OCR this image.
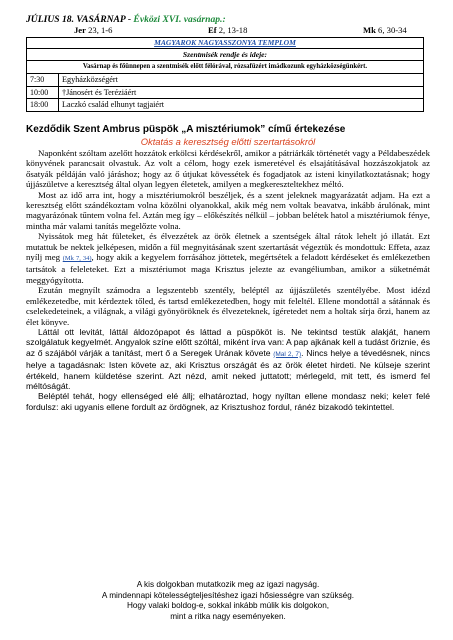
JÚLIUS 18. VASÁRNAP - Évközi XVI. vasárnap.:
Jer 23, 1-6	Ef 2, 13-18	Mk 6, 30-34
MAGYAROK NAGYASSZONYA TEMPLOM
Szentmisék rendje és ideje:
Vasárnap és főünnepen a szentmisék előtt félórával, rózsafüzért imádkozunk egyházközségünkért.
7:30	Egyházközségért
10:00	†Jánosért és Teréziáért
18:00	Laczkó család elhunyt tagjaiért
Kezdődik Szent Ambrus püspök „A misztériumok” című értekezése
Oktatás a keresztség előtti szertartásokról

Naponként szóltam azelőtt hozzátok erkölcsi kérdésekről, amikor a pátriárkák történetét vagy a Példabeszédek könyvének parancsait olvastuk. Az volt a célom, hogy ezek ismeretével és elsajátításával hozzászokjatok az ősatyák példáján való járáshoz; hogy az ő útjukat kövessétek és fogadjatok az isteni kinyilatkoztatásnak; hogy újjászületve a keresztség által olyan legyen életetek, amilyen a megkereszteltekhez méltó.

Most az idő arra int, hogy a misztériumokról beszéljek, és a szent jeleknek magyarázatát adjam. Ha ezt a keresztség előtt szándékoztam volna közölni olyanokkal, akik még nem voltak beavatva, inkább árulónak, mint magyarázónak tűntem volna fel. Aztán meg így – előkészítés nélkül – jobban belétek hatol a misztériumok fénye, mintha már valami tanítás megelőzte volna.

Nyissátok meg hát fületeket, és élvezzétek az örök életnek a szentségek által rátok lehelt jó illatát. Ezt mutattuk be nektek jelképesen, midőn a fül megnyitásának szent szertartását végeztük és mondottuk: Effeta, azaz nyílj meg (Mk 7, 34), hogy akik a kegyelem forrásához jöttetek, megértsétek a feladott kérdéseket és emlékezetben tartsátok a feleleteket. Ezt a misztériumot maga Krisztus jelezte az evangéliumban, amikor a süketnémát meggyógyította.

Ezután megnyílt számodra a legszentebb szentély, beléptél az újjászületés szentélyébe. Most idézd emlékezetedbe, mit kérdeztek tőled, és tartsd emlékezetedben, hogy mit feleltél. Ellene mondottál a sátánnak és cselekedeteinek, a világnak, a világi gyönyöröknek és élvezeteknek, ígéretedet nem a holtak sírja őrzi, hanem az élet könyve.

Láttál ott levitát, láttál áldozópapot és láttad a püspököt is. Ne tekintsd testük alakját, hanem szolgálatuk kegyelmét. Angyalok színe előtt szóltál, miként írva van: A pap ajkának kell a tudást őriznie, és az ő szájából várják a tanítást, mert ő a Seregek Urának követe (Mal 2, 7). Nincs helye a tévedésnek, nincs helye a tagadásnak: Isten követe az, aki Krisztus országát és az örök életet hirdeti. Ne külseje szerint értékeld, hanem küldetése szerint. Azt nézd, amit neked juttatott; mérlegeld, mit tett, és ismerd fel méltóságát.

Beléptél tehát, hogy ellenséged elé állj; elhatároztad, hogy nyíltan ellene mondasz neki; keleт felé fordulsz: aki ugyanis ellene fordult az ördögnek, az Krisztushoz fordul, ránéz bizakodó tekintettel.

A kis dolgokban mutatkozik meg az igazi nagyság.
A mindennapi kötelességteljesítéshez igazi hősiességre van szükség.
Hogy valaki boldog-e, sokkal inkább múlik kis dolgokon,
mint a ritka nagy eseményeken.
